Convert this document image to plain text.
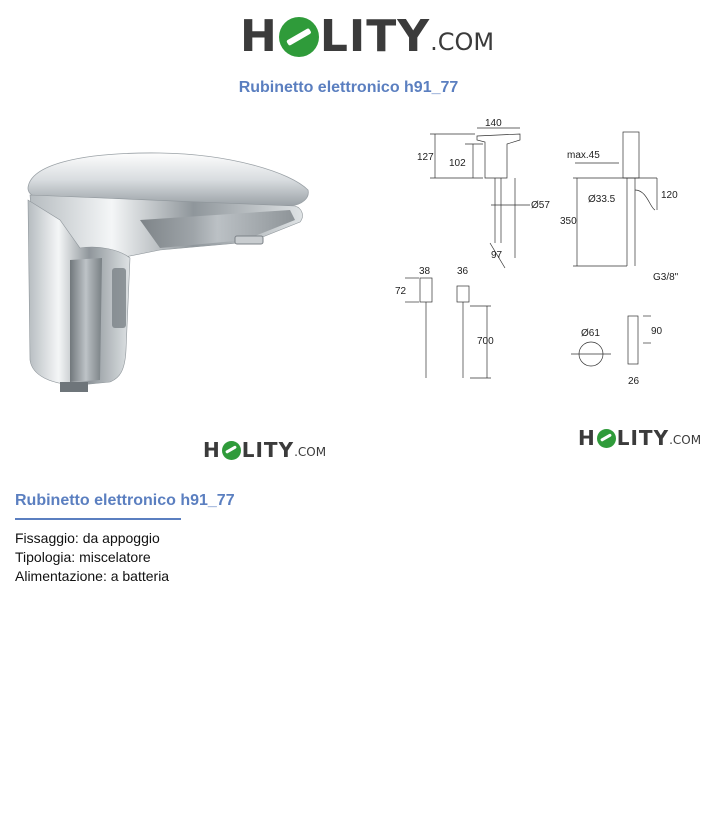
H LITY .COM
Rubinetto elettronico h91_77
140
127
102
Ø57
97
max.45
Ø33.5	120
350
G3/8"
38	36
72
700
Ø61	90
26
H LITY .COM
H LITY .COM
Rubinetto elettronico h91_77
Fissaggio: da appoggio
Tipologia: miscelatore
Alimentazione: a batteria
